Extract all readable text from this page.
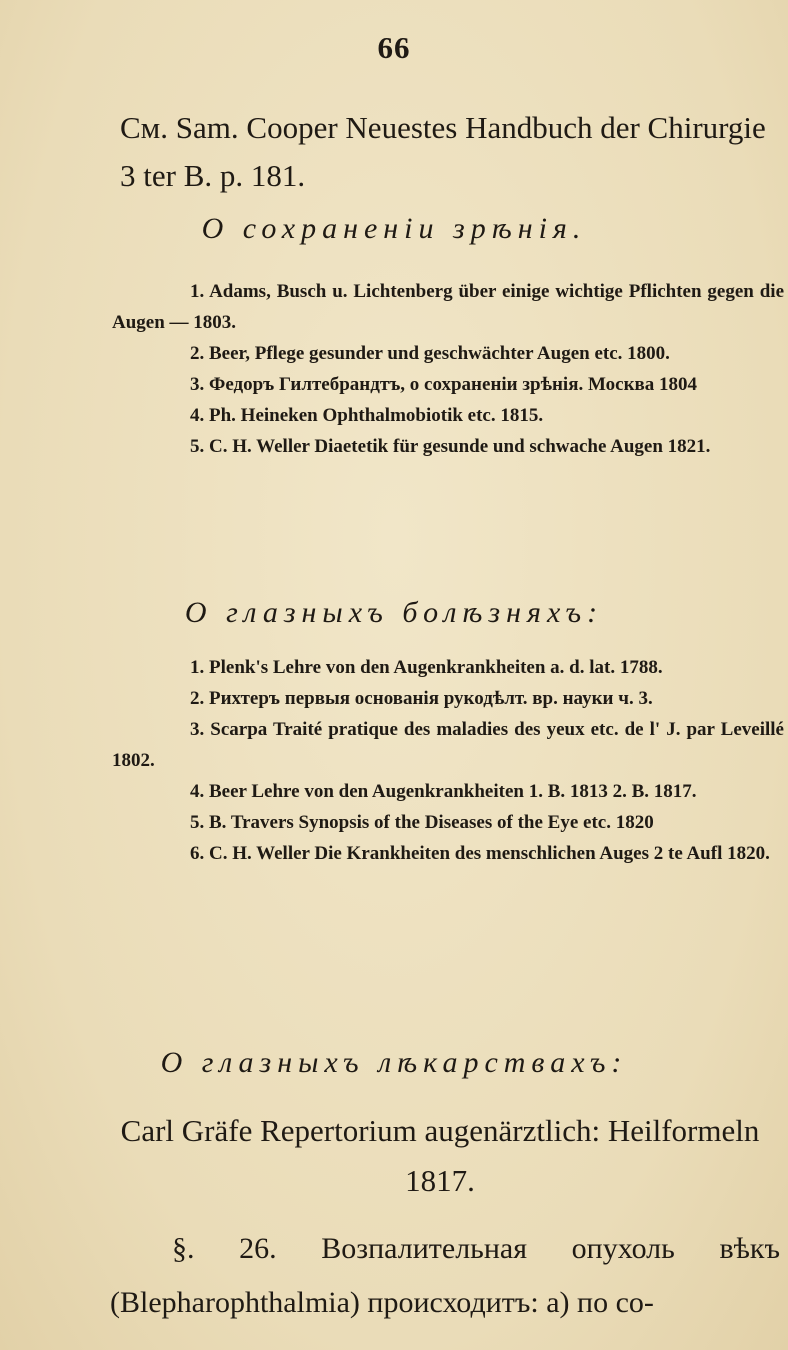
66
См. Sam. Cooper Neuestes Handbuch der Chirurgie 3 ter B. p. 181.
О сохраненіи зрѣнія.
1. Adams, Busch u. Lichtenberg über einige wichtige Pflichten gegen die Augen — 1803.
2. Beer, Pflege gesunder und geschwächter Augen etc. 1800.
3. Федоръ Гилтебрандтъ, о сохраненіи зрѣнія. Москва 1804
4. Ph. Heineken Ophthalmobiotik etc. 1815.
5. C. H. Weller Diaetetik für gesunde und schwache Augen 1821.
О глазныхъ болѣзняхъ:
1. Plenk's Lehre von den Augenkrankheiten a. d. lat. 1788.
2. Рихтеръ первыя основанія рукодѣлт. вр. науки ч. 3.
3. Scarpa Traité pratique des maladies des yeux etc. de l' J. par Leveillé 1802.
4. Beer Lehre von den Augenkrankheiten 1. B. 1813 2. B. 1817.
5. B. Travers Synopsis of the Diseases of the Eye etc. 1820
6. C. H. Weller Die Krankheiten des menschlichen Auges 2 te Aufl 1820.
О глазныхъ лѣкарствахъ:
Carl Gräfe Repertorium augenärztlich: Heilformeln 1817.
§. 26. Возпалительная опухоль вѣкъ (Blepharophthalmia) происходитъ: а) по со-
